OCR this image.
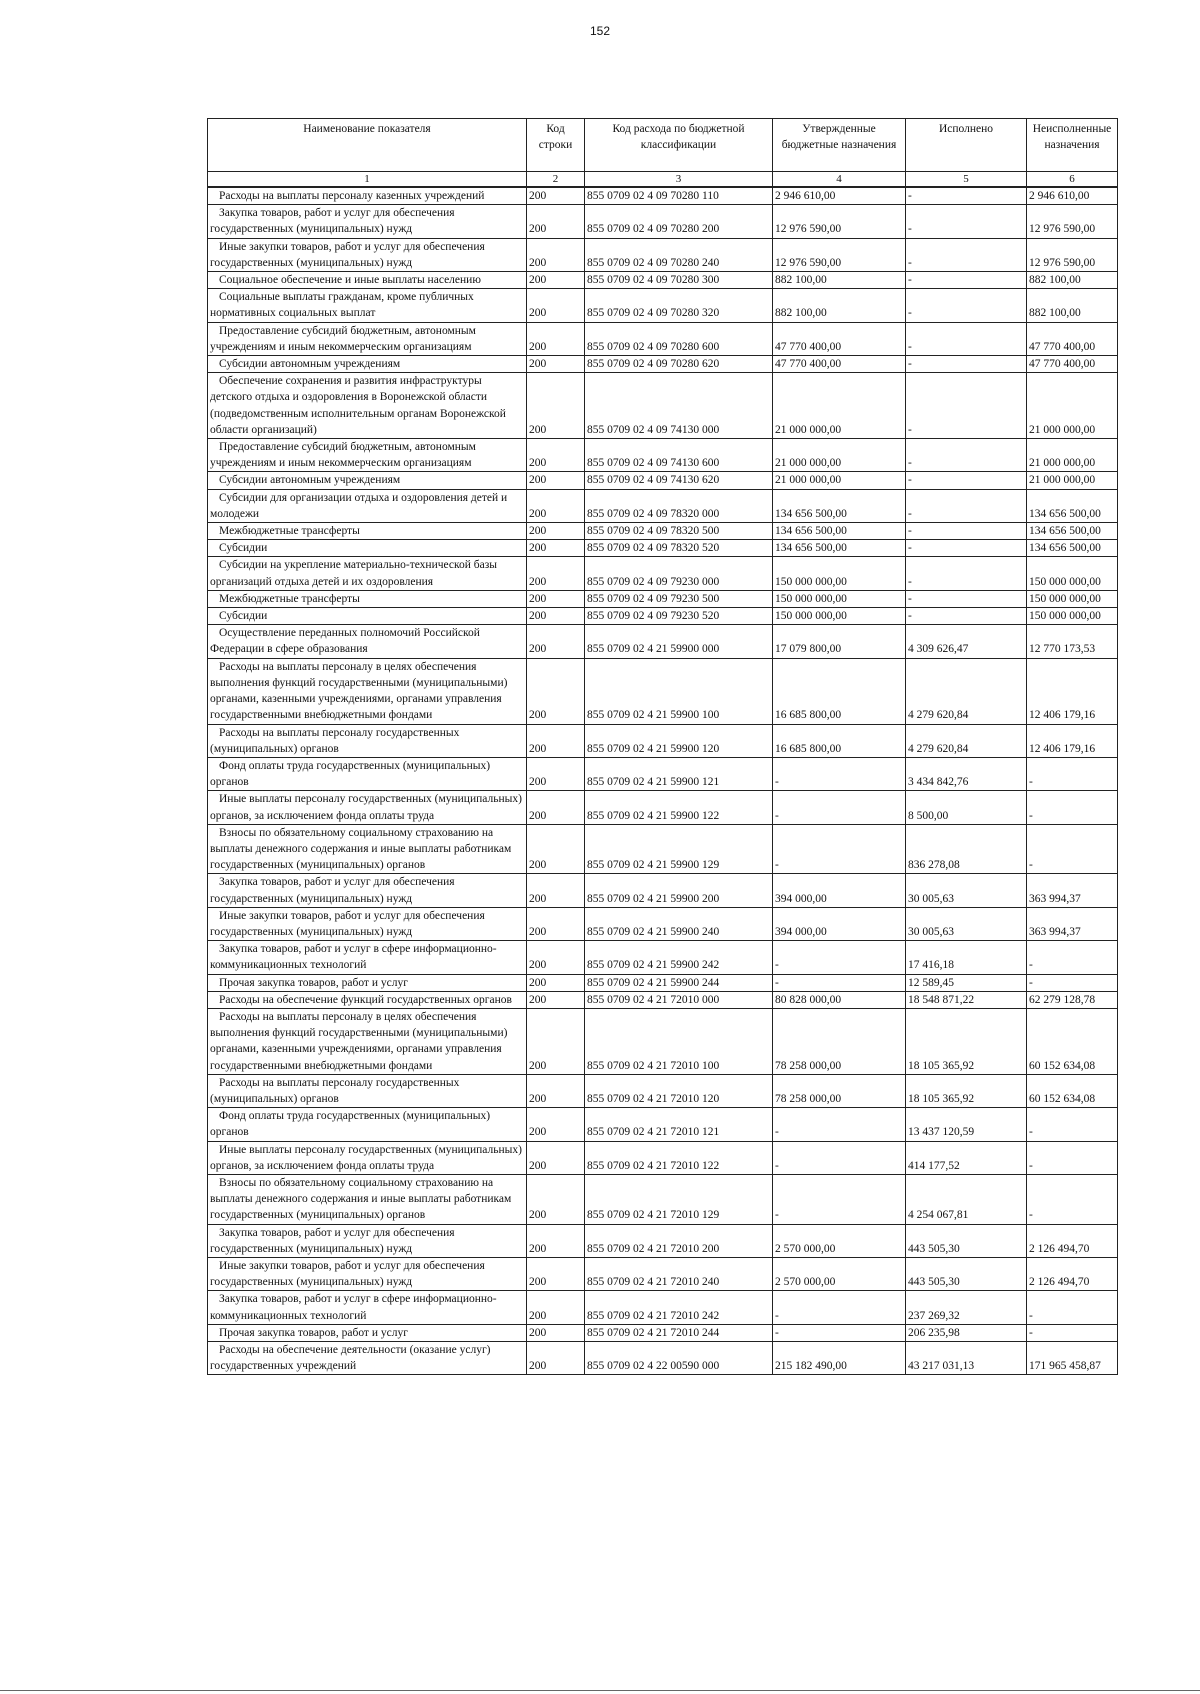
152
Наименование показателя	Код строки	Код расхода по бюджетной классификации	Утвержденные бюджетные назначения	Исполнено	Неисполненные назначения
1	2	3	4	5	6
Расходы на выплаты персоналу казенных учреждений	200	855 0709 02 4 09 70280 110	2 946 610,00	-	2 946 610,00
Закупка товаров, работ и услуг для обеспечения государственных (муниципальных) нужд	200	855 0709 02 4 09 70280 200	12 976 590,00	-	12 976 590,00
Иные закупки товаров, работ и услуг для обеспечения государственных (муниципальных) нужд	200	855 0709 02 4 09 70280 240	12 976 590,00	-	12 976 590,00
Социальное обеспечение и иные выплаты населению	200	855 0709 02 4 09 70280 300	882 100,00	-	882 100,00
Социальные выплаты гражданам, кроме публичных нормативных социальных выплат	200	855 0709 02 4 09 70280 320	882 100,00	-	882 100,00
Предоставление субсидий бюджетным, автономным учреждениям и иным некоммерческим организациям	200	855 0709 02 4 09 70280 600	47 770 400,00	-	47 770 400,00
Субсидии автономным учреждениям	200	855 0709 02 4 09 70280 620	47 770 400,00	-	47 770 400,00
Обеспечение сохранения и развития инфраструктуры детского отдыха и оздоровления в Воронежской области (подведомственным исполнительным органам Воронежской области организаций)	200	855 0709 02 4 09 74130 000	21 000 000,00	-	21 000 000,00
Предоставление субсидий бюджетным, автономным учреждениям и иным некоммерческим организациям	200	855 0709 02 4 09 74130 600	21 000 000,00	-	21 000 000,00
Субсидии автономным учреждениям	200	855 0709 02 4 09 74130 620	21 000 000,00	-	21 000 000,00
Субсидии для организации отдыха и оздоровления детей и молодежи	200	855 0709 02 4 09 78320 000	134 656 500,00	-	134 656 500,00
Межбюджетные трансферты	200	855 0709 02 4 09 78320 500	134 656 500,00	-	134 656 500,00
Субсидии	200	855 0709 02 4 09 78320 520	134 656 500,00	-	134 656 500,00
Субсидии на укрепление материально-технической базы организаций отдыха детей и их оздоровления	200	855 0709 02 4 09 79230 000	150 000 000,00	-	150 000 000,00
Межбюджетные трансферты	200	855 0709 02 4 09 79230 500	150 000 000,00	-	150 000 000,00
Субсидии	200	855 0709 02 4 09 79230 520	150 000 000,00	-	150 000 000,00
Осуществление переданных полномочий Российской Федерации в сфере образования	200	855 0709 02 4 21 59900 000	17 079 800,00	4 309 626,47	12 770 173,53
Расходы на выплаты персоналу в целях обеспечения выполнения функций государственными (муниципальными) органами, казенными учреждениями, органами управления государственными внебюджетными фондами	200	855 0709 02 4 21 59900 100	16 685 800,00	4 279 620,84	12 406 179,16
Расходы на выплаты персоналу государственных (муниципальных) органов	200	855 0709 02 4 21 59900 120	16 685 800,00	4 279 620,84	12 406 179,16
Фонд оплаты труда государственных (муниципальных) органов	200	855 0709 02 4 21 59900 121	-	3 434 842,76	-
Иные выплаты персоналу государственных (муниципальных) органов, за исключением фонда оплаты труда	200	855 0709 02 4 21 59900 122	-	8 500,00	-
Взносы по обязательному социальному страхованию на выплаты денежного содержания и иные выплаты работникам государственных (муниципальных) органов	200	855 0709 02 4 21 59900 129	-	836 278,08	-
Закупка товаров, работ и услуг для обеспечения государственных (муниципальных) нужд	200	855 0709 02 4 21 59900 200	394 000,00	30 005,63	363 994,37
Иные закупки товаров, работ и услуг для обеспечения государственных (муниципальных) нужд	200	855 0709 02 4 21 59900 240	394 000,00	30 005,63	363 994,37
Закупка товаров, работ и услуг в сфере информационно-коммуникационных технологий	200	855 0709 02 4 21 59900 242	-	17 416,18	-
Прочая закупка товаров, работ и услуг	200	855 0709 02 4 21 59900 244	-	12 589,45	-
Расходы на обеспечение функций государственных органов	200	855 0709 02 4 21 72010 000	80 828 000,00	18 548 871,22	62 279 128,78
Расходы на выплаты персоналу в целях обеспечения выполнения функций государственными (муниципальными) органами, казенными учреждениями, органами управления государственными внебюджетными фондами	200	855 0709 02 4 21 72010 100	78 258 000,00	18 105 365,92	60 152 634,08
Расходы на выплаты персоналу государственных (муниципальных) органов	200	855 0709 02 4 21 72010 120	78 258 000,00	18 105 365,92	60 152 634,08
Фонд оплаты труда государственных (муниципальных) органов	200	855 0709 02 4 21 72010 121	-	13 437 120,59	-
Иные выплаты персоналу государственных (муниципальных) органов, за исключением фонда оплаты труда	200	855 0709 02 4 21 72010 122	-	414 177,52	-
Взносы по обязательному социальному страхованию на выплаты денежного содержания и иные выплаты работникам государственных (муниципальных) органов	200	855 0709 02 4 21 72010 129	-	4 254 067,81	-
Закупка товаров, работ и услуг для обеспечения государственных (муниципальных) нужд	200	855 0709 02 4 21 72010 200	2 570 000,00	443 505,30	2 126 494,70
Иные закупки товаров, работ и услуг для обеспечения государственных (муниципальных) нужд	200	855 0709 02 4 21 72010 240	2 570 000,00	443 505,30	2 126 494,70
Закупка товаров, работ и услуг в сфере информационно-коммуникационных технологий	200	855 0709 02 4 21 72010 242	-	237 269,32	-
Прочая закупка товаров, работ и услуг	200	855 0709 02 4 21 72010 244	-	206 235,98	-
Расходы на обеспечение деятельности (оказание услуг) государственных учреждений	200	855 0709 02 4 22 00590 000	215 182 490,00	43 217 031,13	171 965 458,87
